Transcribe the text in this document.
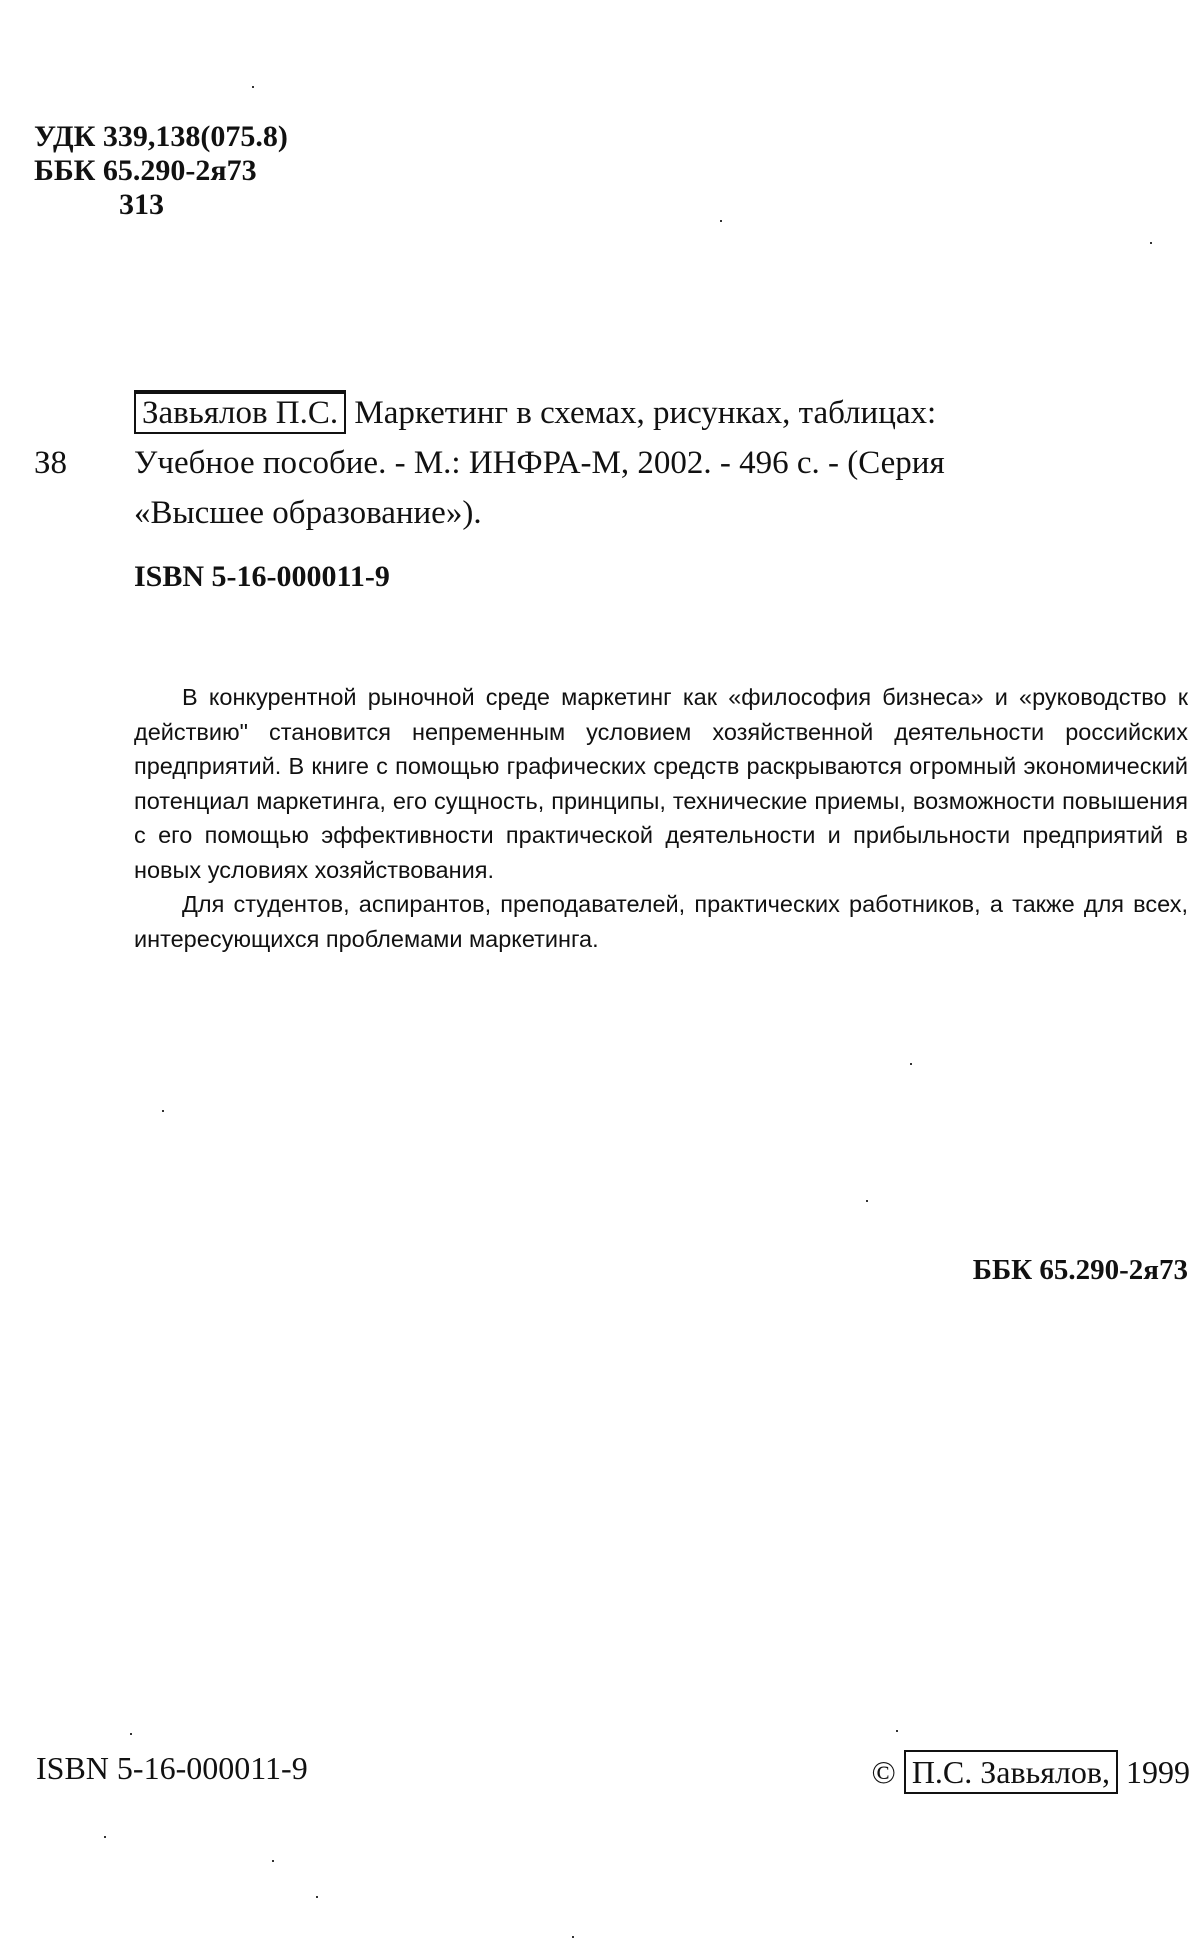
УДК 339,138(075.8)
ББК 65.290-2я73
313
Завьялов П.С. Маркетинг в схемах, рисунках, таблицах:
З8	Учебное пособие. - М.: ИНФРА-М, 2002. - 496 с. - (Серия
«Высшее образование»).
ISBN 5-16-000011-9

В конкурентной рыночной среде маркетинг как «философия бизнеса» и «руководство к действию" становится непременным условием хозяйственной деятельности российских предприятий. В книге с помощью графических средств раскрываются огромный экономический потенциал маркетинга, его сущность, принципы, технические приемы, возможности повышения с его помощью эффективности практической деятельности и прибыльности предприятий в новых условиях хозяйствования.

Для студентов, аспирантов, преподавателей, практических работников, а также для всех, интересующихся проблемами маркетинга.

ББК 65.290-2я73
ISBN 5-16-000011-9	© П.С. Завьялов, 1999
